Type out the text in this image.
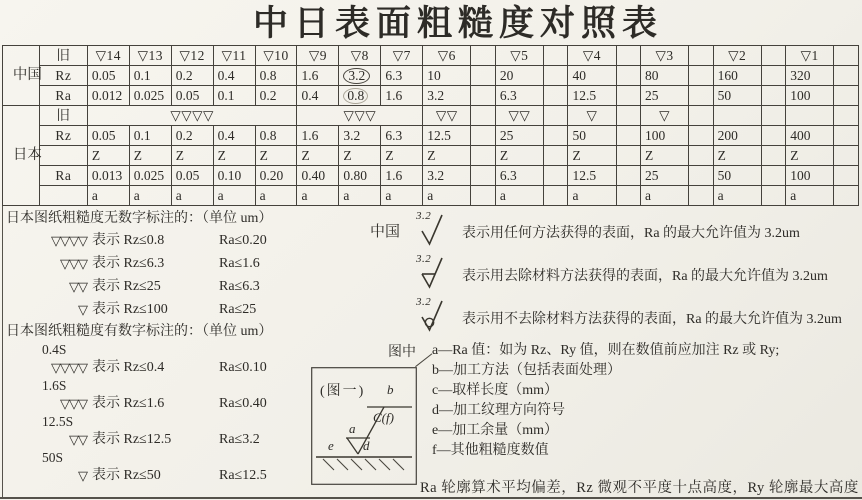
中日表面粗糙度对照表
中国	旧	▽14	▽13	▽12	▽11	▽10	▽9	▽8	▽7	▽6		▽5		▽4		▽3		▽2		▽1	
	Rz	0.05	0.1	0.2	0.4	0.8	1.6	3.2	6.3	10		20		40		80		160		320	
	Ra	0.012	0.025	0.05	0.1	0.2	0.4	0.8	1.6	3.2		6.3		12.5		25		50		100	
日本	旧	▽▽▽▽					▽▽▽			▽▽		▽▽		▽		▽					
	Rz	0.05	0.1	0.2	0.4	0.8	1.6	3.2	6.3	12.5		25		50		100		200		400	
		Z	Z	Z	Z	Z	Z	Z	Z	Z		Z		Z		Z		Z		Z	
	Ra	0.013	0.025	0.05	0.10	0.20	0.40	0.80	1.6	3.2		6.3		12.5		25		50		100	
		a	a	a	a	a	a	a	a	a		a		a		a		a		a	
日本图纸粗糙度无数字标注的：（单位 um）
▽▽▽▽ 表示 Rz≤0.8	Ra≤0.20
▽▽▽ 表示 Rz≤6.3	Ra≤1.6
▽▽ 表示 Rz≤25	Ra≤6.3
▽ 表示 Rz≤100	Ra≤25
日本图纸粗糙度有数字标注的：（单位 um）
0.4S
▽▽▽▽ 表示 Rz≤0.4	Ra≤0.10
1.6S
▽▽▽ 表示 Rz≤1.6	Ra≤0.40
12.5S
▽▽ 表示 Rz≤12.5	Ra≤3.2
50S
▽ 表示 Rz≤50	Ra≤12.5
中国
3.2
表示用任何方法获得的表面，Ra 的最大允许值为 3.2um
3.2
表示用去除材料方法获得的表面，Ra 的最大允许值为 3.2um
3.2
表示用不去除材料方法获得的表面，Ra 的最大允许值为 3.2um
图中	a—Ra 值：如为 Rz、Ry 值，则在数值前应加注 Rz 或 Ry;
b—加工方法（包括表面处理）
c—取样长度（mm）
d—加工纹理方向符号
e—加工余量（mm）
f—其他粗糙度数值
(图一) b
C(f)
a
e d
Ra 轮廓算术平均偏差，Rz 微观不平度十点高度，Ry 轮廓最大高度
